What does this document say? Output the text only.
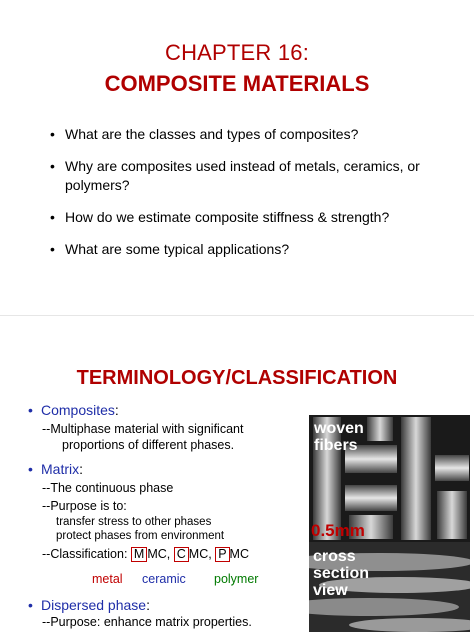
CHAPTER 16:
COMPOSITE MATERIALS
• What are the classes and types of composites?
• Why are composites used instead of metals, ceramics, or polymers?
• How do we estimate composite stiffness & strength?
• What are some typical applications?
TERMINOLOGY/CLASSIFICATION
• Composites:
--Multiphase material with significant
proportions of different phases.
• Matrix:
--The continuous phase
--Purpose is to:
transfer stress to other phases
protect phases from environment
--Classification: M MC, C MC, P MC
metal ceramic polymer
• Dispersed phase:
--Purpose: enhance matrix properties.
woven
fibers
0.5mm
cross
section
view
